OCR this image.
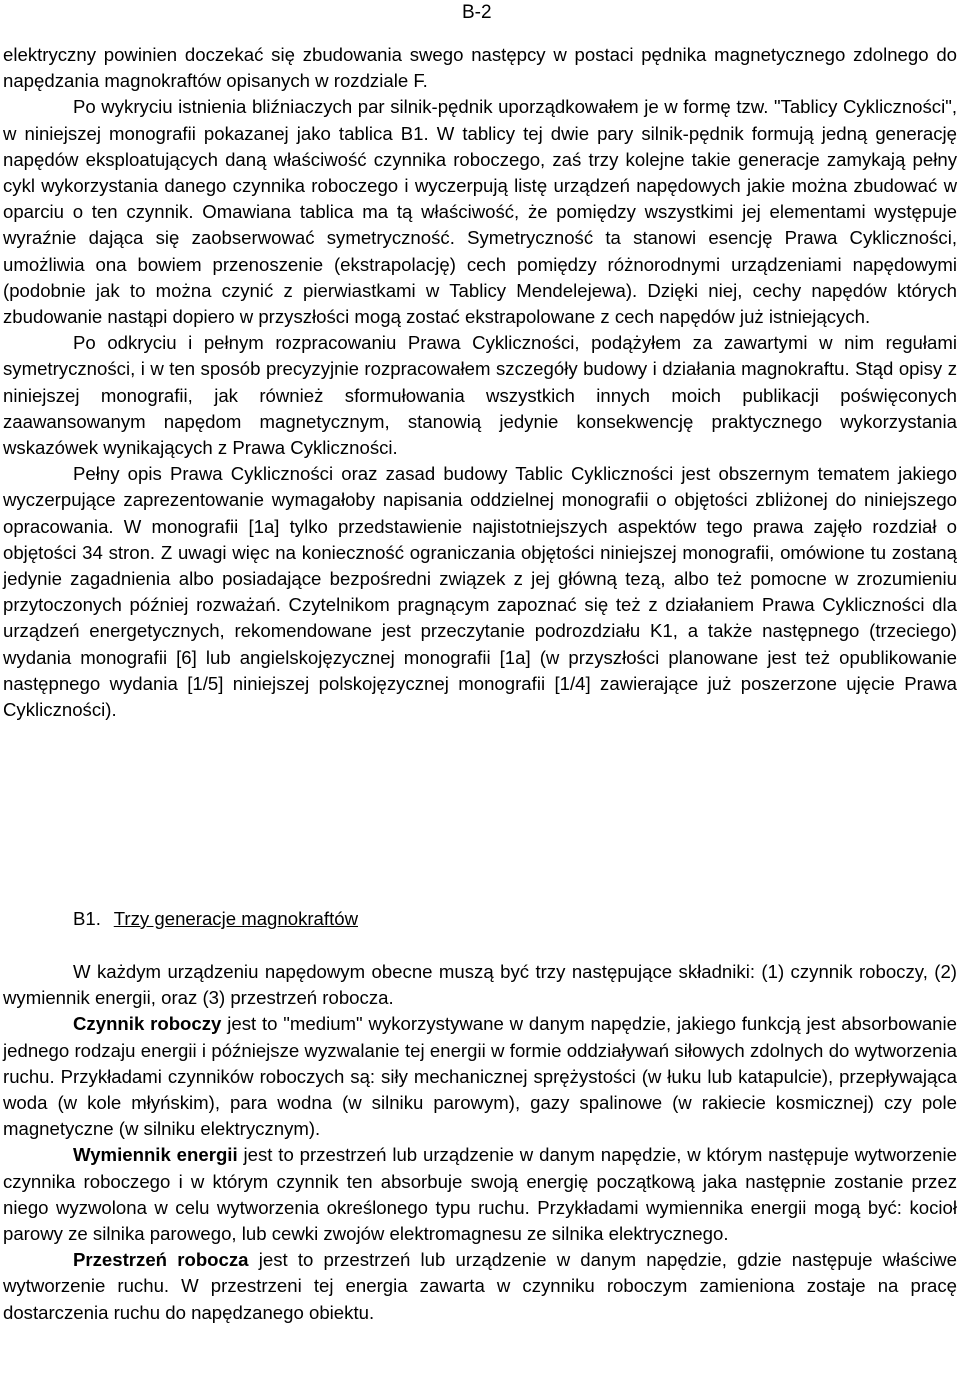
B-2

elektryczny powinien doczekać się zbudowania swego następcy w postaci pędnika magnetycznego zdolnego do napędzania magnokraftów opisanych w rozdziale F.

Po wykryciu istnienia bliźniaczych par silnik-pędnik uporządkowałem je w formę tzw. "Tablicy Cykliczności", w niniejszej monografii pokazanej jako tablica B1. W tablicy tej dwie pary silnik-pędnik formują jedną generację napędów eksploatujących daną właściwość czynnika roboczego, zaś trzy kolejne takie generacje zamykają pełny cykl wykorzystania danego czynnika roboczego i wyczerpują listę urządzeń napędowych jakie można zbudować w oparciu o ten czynnik. Omawiana tablica ma tą właściwość, że pomiędzy wszystkimi jej elementami występuje wyraźnie dająca się zaobserwować symetryczność. Symetryczność ta stanowi esencję Prawa Cykliczności, umożliwia ona bowiem przenoszenie (ekstrapolację) cech pomiędzy różnorodnymi urządzeniami napędowymi (podobnie jak to można czynić z pierwiastkami w Tablicy Mendelejewa). Dzięki niej, cechy napędów których zbudowanie nastąpi dopiero w przyszłości mogą zostać ekstrapolowane z cech napędów już istniejących.

Po odkryciu i pełnym rozpracowaniu Prawa Cykliczności, podążyłem za zawartymi w nim regułami symetryczności, i w ten sposób precyzyjnie rozpracowałem szczegóły budowy i działania magnokraftu. Stąd opisy z niniejszej monografii, jak również sformułowania wszystkich innych moich publikacji poświęconych zaawansowanym napędom magnetycznym, stanowią jedynie konsekwencję praktycznego wykorzystania wskazówek wynikających z Prawa Cykliczności.

Pełny opis Prawa Cykliczności oraz zasad budowy Tablic Cykliczności jest obszernym tematem jakiego wyczerpujące zaprezentowanie wymagałoby napisania oddzielnej monografii o objętości zbliżonej do niniejszego opracowania. W monografii [1a] tylko przedstawienie najistotniejszych aspektów tego prawa zajęło rozdział o objętości 34 stron. Z uwagi więc na konieczność ograniczania objętości niniejszej monografii, omówione tu zostaną jedynie zagadnienia albo posiadające bezpośredni związek z jej główną tezą, albo też pomocne w zrozumieniu przytoczonych później rozważań. Czytelnikom pragnącym zapoznać się też z działaniem Prawa Cykliczności dla urządzeń energetycznych, rekomendowane jest przeczytanie podrozdziału K1, a także następnego (trzeciego) wydania monografii [6] lub angielskojęzycznej monografii [1a] (w przyszłości planowane jest też opublikowanie następnego wydania [1/5] niniejszej polskojęzycznej monografii [1/4] zawierające już poszerzone ujęcie Prawa Cykliczności).

B1. Trzy generacje magnokraftów

W każdym urządzeniu napędowym obecne muszą być trzy następujące składniki: (1) czynnik roboczy, (2) wymiennik energii, oraz (3) przestrzeń robocza.

Czynnik roboczy jest to "medium" wykorzystywane w danym napędzie, jakiego funkcją jest absorbowanie jednego rodzaju energii i późniejsze wyzwalanie tej energii w formie oddziaływań siłowych zdolnych do wytworzenia ruchu. Przykładami czynników roboczych są: siły mechanicznej sprężystości (w łuku lub katapulcie), przepływająca woda (w kole młyńskim), para wodna (w silniku parowym), gazy spalinowe (w rakiecie kosmicznej) czy pole magnetyczne (w silniku elektrycznym).

Wymiennik energii jest to przestrzeń lub urządzenie w danym napędzie, w którym następuje wytworzenie czynnika roboczego i w którym czynnik ten absorbuje swoją energię początkową jaka następnie zostanie przez niego wyzwolona w celu wytworzenia określonego typu ruchu. Przykładami wymiennika energii mogą być: kocioł parowy ze silnika parowego, lub cewki zwojów elektromagnesu ze silnika elektrycznego.

Przestrzeń robocza jest to przestrzeń lub urządzenie w danym napędzie, gdzie następuje właściwe wytworzenie ruchu. W przestrzeni tej energia zawarta w czynniku roboczym zamieniona zostaje na pracę dostarczenia ruchu do napędzanego obiektu.
